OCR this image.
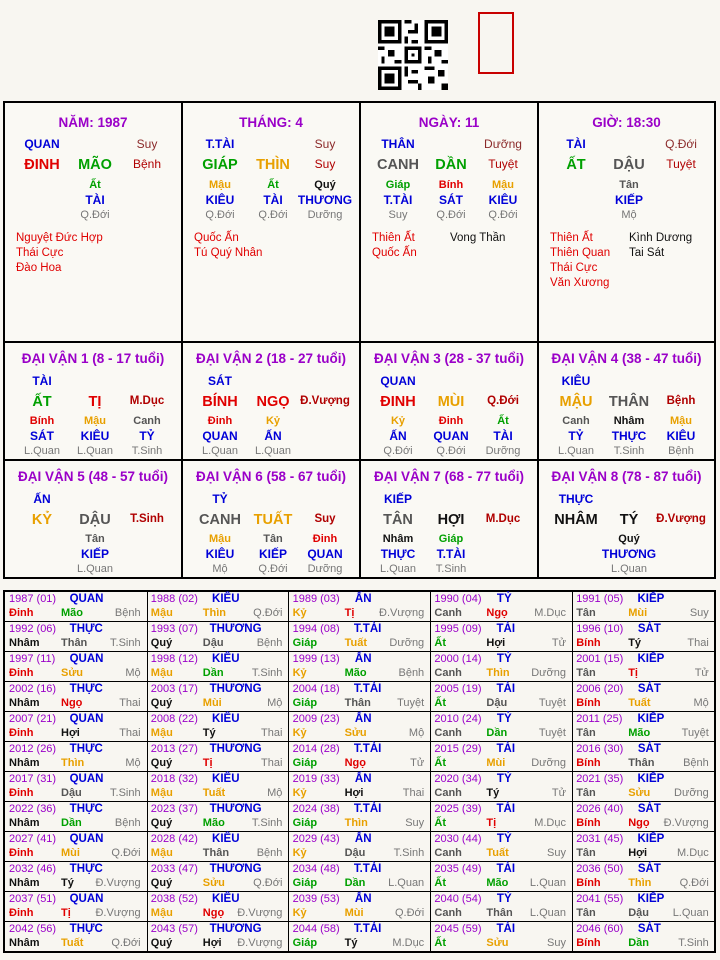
NĂM: 1987
QUAN	Suy
ĐINH MÃO Bệnh
Ất
TÀI
Q.Đới
Nguyệt Đức Hợp
Thái Cực
Đào Hoa
THÁNG: 4
T.TÀI	Suy
GIÁP THÌN Suy
Mậu
KIÊU
Q.Đới
Ất
TÀI
Q.Đới
Quý
THƯƠNG
Dưỡng
Quốc Ấn
Tú Quý Nhân
NGÀY: 11
THÂN	Dưỡng
CANH DẦN Tuyệt
Giáp
T.TÀI
Suy
Bính
SÁT
Q.Đới
Mậu
KIÊU
Q.Đới
Thiên Ất
Quốc Ấn
Vong Thần
GIỜ: 18:30
TÀI	Q.Đới
ẤT DẬU Tuyệt
Tân
KIẾP
Mộ
Thiên Ất
Thiên Quan
Thái Cực
Văn Xương
Kình Dương
Tai Sát
ĐẠI VẬN 1 (8 - 17 tuổi)
TÀI
ẤT	TỊ M.Dục
Bính
SÁT
L.Quan
Mậu
KIÊU
L.Quan
Canh
TỶ
T.Sinh
ĐẠI VẬN 2 (18 - 27 tuổi)
SÁT
BÍNH NGỌ Đ.Vượng
Đinh
QUAN
L.Quan
Kỷ
ẤN
L.Quan
ĐẠI VẬN 3 (28 - 37 tuổi)
QUAN
ĐINH MÙI Q.Đới
Kỷ
ẤN
Q.Đới
Đinh
QUAN
Q.Đới
Ất
TÀI
Dưỡng
ĐẠI VẬN 4 (38 - 47 tuổi)
KIÊU
MẬU THÂN Bệnh
Canh
TỶ
L.Quan
Nhâm
THỰC
T.Sinh
Mậu
KIÊU
Bệnh
ĐẠI VẬN 5 (48 - 57 tuổi)
ẤN
KỶ DẬU T.Sinh
Tân
KIẾP
L.Quan
ĐẠI VẬN 6 (58 - 67 tuổi)
TỶ
CANH TUẤT Suy
Mậu
KIÊU
Mộ
Tân
KIẾP
Q.Đới
Đinh
QUAN
Dưỡng
ĐẠI VẬN 7 (68 - 77 tuổi)
KIẾP
TÂN HỢI M.Dục
Nhâm
THỰC
L.Quan
Giáp
T.TÀI
T.Sinh
ĐẠI VẬN 8 (78 - 87 tuổi)
THỰC
NHÂM TÝ Đ.Vượng
Quý
THƯƠNG
L.Quan
1987 (01) QUAN
Đinh	Mão	Bệnh
1988 (02) KIÊU
Mậu	Thìn Q.Đới
1989 (03) ẤN
Kỷ	Tị Đ.Vượng
1990 (04) TỶ
Canh Ngọ M.Dục
1991 (05) KIẾP
Tân	Mùi	Suy
1992 (06) THỰC
Nhâm Thân T.Sinh
1993 (07) THƯƠNG
Quý	Dậu	Bệnh
1994 (08) T.TÀI
Giáp	Tuất Dưỡng
1995 (09) TÀI
Ất	Hợi	Tử
1996 (10) SÁT
Bính	Tý	Thai
1997 (11) QUAN
Đinh	Sửu	Mộ
1998 (12) KIÊU
Mậu	Dần	T.Sinh
1999 (13) ẤN
Kỷ	Mão	Bệnh
2000 (14) TỶ
Canh Thìn Dưỡng
2001 (15) KIẾP
Tân	Tị	Tử
2002 (16) THỰC
Nhâm Ngọ	Thai
2003 (17) THƯƠNG
Quý	Mùi	Mộ
2004 (18) T.TÀI
Giáp	Thân Tuyệt
2005 (19) TÀI
Ất	Dậu	Tuyệt
2006 (20) SÁT
Bính	Tuất	Mộ
2007 (21) QUAN
Đinh	Hợi	Thai
2008 (22) KIÊU
Mậu	Tý	Thai
2009 (23) ẤN
Kỷ	Sửu	Mộ
2010 (24) TỶ
Canh Dần	Tuyệt
2011 (25) KIẾP
Tân	Mão	Tuyệt
2012 (26) THỰC
Nhâm Thìn	Mộ
2013 (27) THƯƠNG
Quý	Tị	Thai
2014 (28) T.TÀI
Giáp	Ngọ	Tử
2015 (29) TÀI
Ất	Mùi Dưỡng
2016 (30) SÁT
Bính	Thân	Bệnh
2017 (31) QUAN
Đinh	Dậu	T.Sinh
2018 (32) KIÊU
Mậu	Tuất	Mộ
2019 (33) ẤN
Kỷ	Hợi	Thai
2020 (34) TỶ
Canh Tý	Tử
2021 (35) KIẾP
Tân	Sửu Dưỡng
2022 (36) THỰC
Nhâm Dần	Bệnh
2023 (37) THƯƠNG
Quý	Mão T.Sinh
2024 (38) T.TÀI
Giáp	Thìn	Suy
2025 (39) TÀI
Ất	Tị	M.Dục
2026 (40) SÁT
Bính	Ngọ Đ.Vượng
2027 (41) QUAN
Đinh	Mùi	Q.Đới
2028 (42) KIÊU
Mậu	Thân	Bệnh
2029 (43) ẤN
Kỷ	Dậu	T.Sinh
2030 (44) TỶ
Canh Tuất	Suy
2031 (45) KIẾP
Tân	Hợi	M.Dục
2032 (46) THỰC
Nhâm Tý Đ.Vượng
2033 (47) THƯƠNG
Quý	Sửu	Q.Đới
2034 (48) T.TÀI
Giáp	Dần L.Quan
2035 (49) TÀI
Ất	Mão L.Quan
2036 (50) SÁT
Bính	Thìn	Q.Đới
2037 (51) QUAN
Đinh	Tị Đ.Vượng
2038 (52) KIÊU
Mậu	Ngọ Đ.Vượng
2039 (53) ẤN
Kỷ	Mùi	Q.Đới
2040 (54) TỶ
Canh Thân L.Quan
2041 (55) KIẾP
Tân	Dậu L.Quan
2042 (56) THỰC
Nhâm Tuất	Q.Đới
2043 (57) THƯƠNG
Quý	Hợi Đ.Vượng
2044 (58) T.TÀI
Giáp	Tý	M.Dục
2045 (59) TÀI
Ất	Sửu	Suy
2046 (60) SÁT
Bính	Dần	T.Sinh
